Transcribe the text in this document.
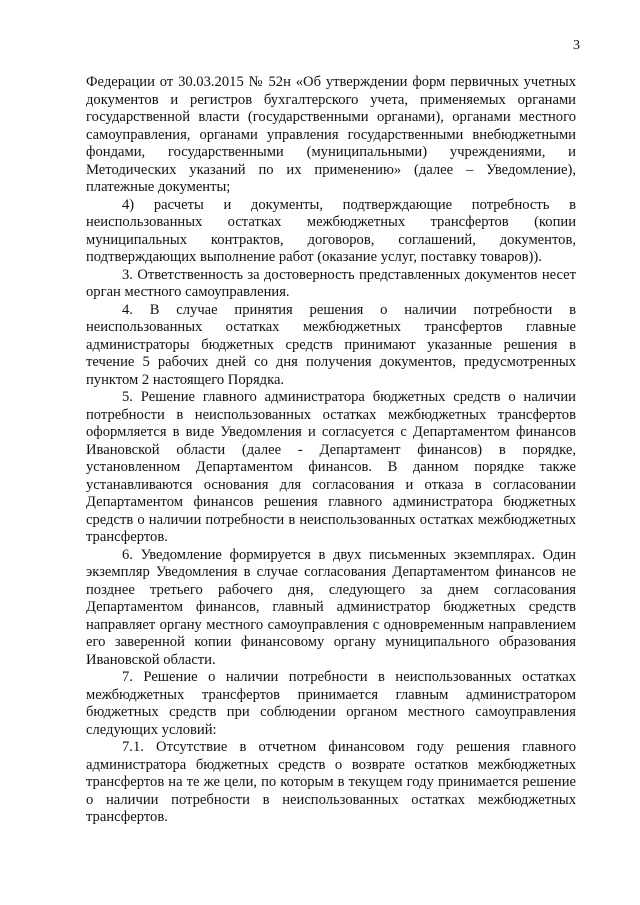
3

Федерации от 30.03.2015 № 52н «Об утверждении форм первичных учетных документов и регистров бухгалтерского учета, применяемых органами государственной власти (государственными органами), органами местного самоуправления, органами управления государственными внебюджетными фондами, государственными (муниципальными) учреждениями, и Методических указаний по их применению» (далее – Уведомление), платежные документы;

4) расчеты и документы, подтверждающие потребность в неиспользованных остатках межбюджетных трансфертов (копии муниципальных контрактов, договоров, соглашений, документов, подтверждающих выполнение работ (оказание услуг, поставку товаров)).

3. Ответственность за достоверность представленных документов несет орган местного самоуправления.

4. В случае принятия решения о наличии потребности в неиспользованных остатках межбюджетных трансфертов главные администраторы бюджетных средств принимают указанные решения в течение 5 рабочих дней со дня получения документов, предусмотренных пунктом 2 настоящего Порядка.

5. Решение главного администратора бюджетных средств о наличии потребности в неиспользованных остатках межбюджетных трансфертов оформляется в виде Уведомления и согласуется с Департаментом финансов Ивановской области (далее - Департамент финансов) в порядке, установленном Департаментом финансов. В данном порядке также устанавливаются основания для согласования и отказа в согласовании Департаментом финансов решения главного администратора бюджетных средств о наличии потребности в неиспользованных остатках межбюджетных трансфертов.

6. Уведомление формируется в двух письменных экземплярах. Один экземпляр Уведомления в случае согласования Департаментом финансов не позднее третьего рабочего дня, следующего за днем согласования Департаментом финансов, главный администратор бюджетных средств направляет органу местного самоуправления с одновременным направлением его заверенной копии финансовому органу муниципального образования Ивановской области.

7. Решение о наличии потребности в неиспользованных остатках межбюджетных трансфертов принимается главным администратором бюджетных средств при соблюдении органом местного самоуправления следующих условий:

7.1. Отсутствие в отчетном финансовом году решения главного администратора бюджетных средств о возврате остатков межбюджетных трансфертов на те же цели, по которым в текущем году принимается решение о наличии потребности в неиспользованных остатках межбюджетных трансфертов.
